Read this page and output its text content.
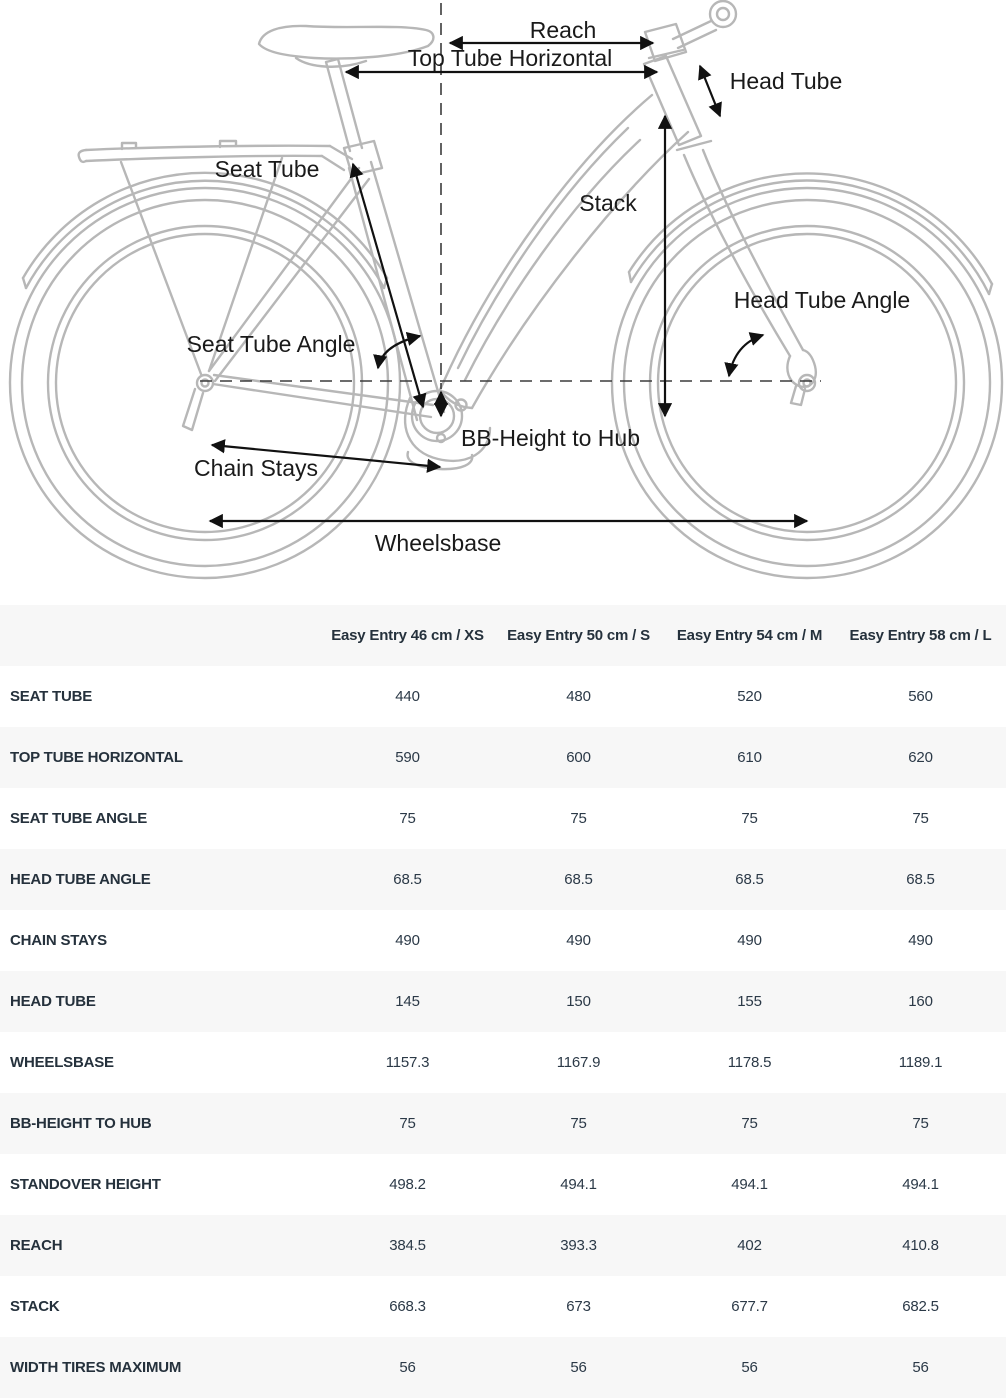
Reach
Top Tube Horizontal
Head Tube
Seat Tube
Stack
Head Tube Angle
Seat Tube Angle
BB-Height to Hub
Chain Stays
Wheelsbase
	Easy Entry 46 cm / XS	Easy Entry 50 cm / S	Easy Entry 54 cm / M	Easy Entry 58 cm / L
SEAT TUBE	440	480	520	560
TOP TUBE HORIZONTAL	590	600	610	620
SEAT TUBE ANGLE	75	75	75	75
HEAD TUBE ANGLE	68.5	68.5	68.5	68.5
CHAIN STAYS	490	490	490	490
HEAD TUBE	145	150	155	160
WHEELSBASE	1157.3	1167.9	1178.5	1189.1
BB-HEIGHT TO HUB	75	75	75	75
STANDOVER HEIGHT	498.2	494.1	494.1	494.1
REACH	384.5	393.3	402	410.8
STACK	668.3	673	677.7	682.5
WIDTH TIRES MAXIMUM	56	56	56	56
